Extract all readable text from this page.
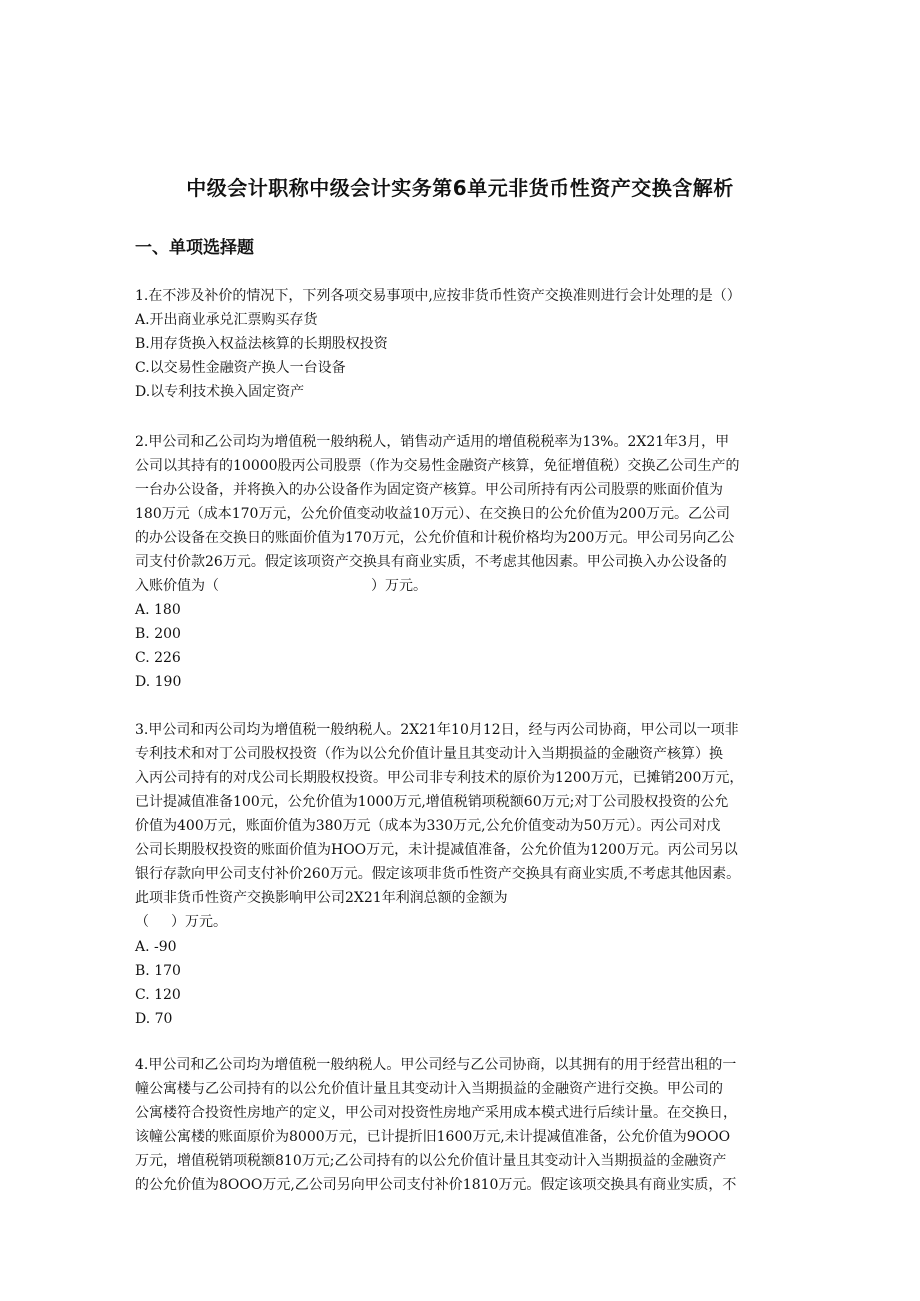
中级会计职称中级会计实务第6单元非货币性资产交换含解析
一、单项选择题
1.在不涉及补价的情况下，下列各项交易事项中,应按非货币性资产交换准则进行会计处理的是（）
A.开出商业承兑汇票购买存货
B.用存货换入权益法核算的长期股权投资
C.以交易性金融资产换人一台设备
D.以专利技术换入固定资产
2.甲公司和乙公司均为增值税一般纳税人，销售动产适用的增值税税率为13%。2X21年3月，甲
公司以其持有的10000股丙公司股票（作为交易性金融资产核算，免征增值税）交换乙公司生产的
一台办公设备，并将换入的办公设备作为固定资产核算。甲公司所持有丙公司股票的账面价值为
180万元（成本170万元，公允价值变动收益10万元）、在交换日的公允价值为200万元。乙公司
的办公设备在交换日的账面价值为170万元，公允价值和计税价格均为200万元。甲公司另向乙公
司支付价款26万元。假定该项资产交换具有商业实质，不考虑其他因素。甲公司换入办公设备的
入账价值为（	）万元。
A. 180
B. 200
C. 226
D. 190
3.甲公司和丙公司均为增值税一般纳税人。2X21年10月12日，经与丙公司协商，甲公司以一项非
专利技术和对丁公司股权投资（作为以公允价值计量且其变动计入当期损益的金融资产核算）换
入丙公司持有的对戊公司长期股权投资。甲公司非专利技术的原价为1200万元，已摊销200万元，
已计提减值准备100元，公允价值为1000万元,增值税销项税额60万元;对丁公司股权投资的公允
价值为400万元，账面价值为380万元（成本为330万元,公允价值变动为50万元）。丙公司对戊
公司长期股权投资的账面价值为HOO万元，未计提减值准备，公允价值为1200万元。丙公司另以
银行存款向甲公司支付补价260万元。假定该项非货币性资产交换具有商业实质,不考虑其他因素。
此项非货币性资产交换影响甲公司2X21年利润总额的金额为
（ ）万元。
A. -90
B. 170
C. 120
D. 70
4.甲公司和乙公司均为增值税一般纳税人。甲公司经与乙公司协商，以其拥有的用于经营出租的一
幢公寓楼与乙公司持有的以公允价值计量且其变动计入当期损益的金融资产进行交换。甲公司的
公寓楼符合投资性房地产的定义，甲公司对投资性房地产采用成本模式进行后续计量。在交换日，
该幢公寓楼的账面原价为8000万元，已计提折旧1600万元,未计提减值准备，公允价值为9OOO
万元，增值税销项税额810万元;乙公司持有的以公允价值计量且其变动计入当期损益的金融资产
的公允价值为8OOO万元,乙公司另向甲公司支付补价1810万元。假定该项交换具有商业实质，不
